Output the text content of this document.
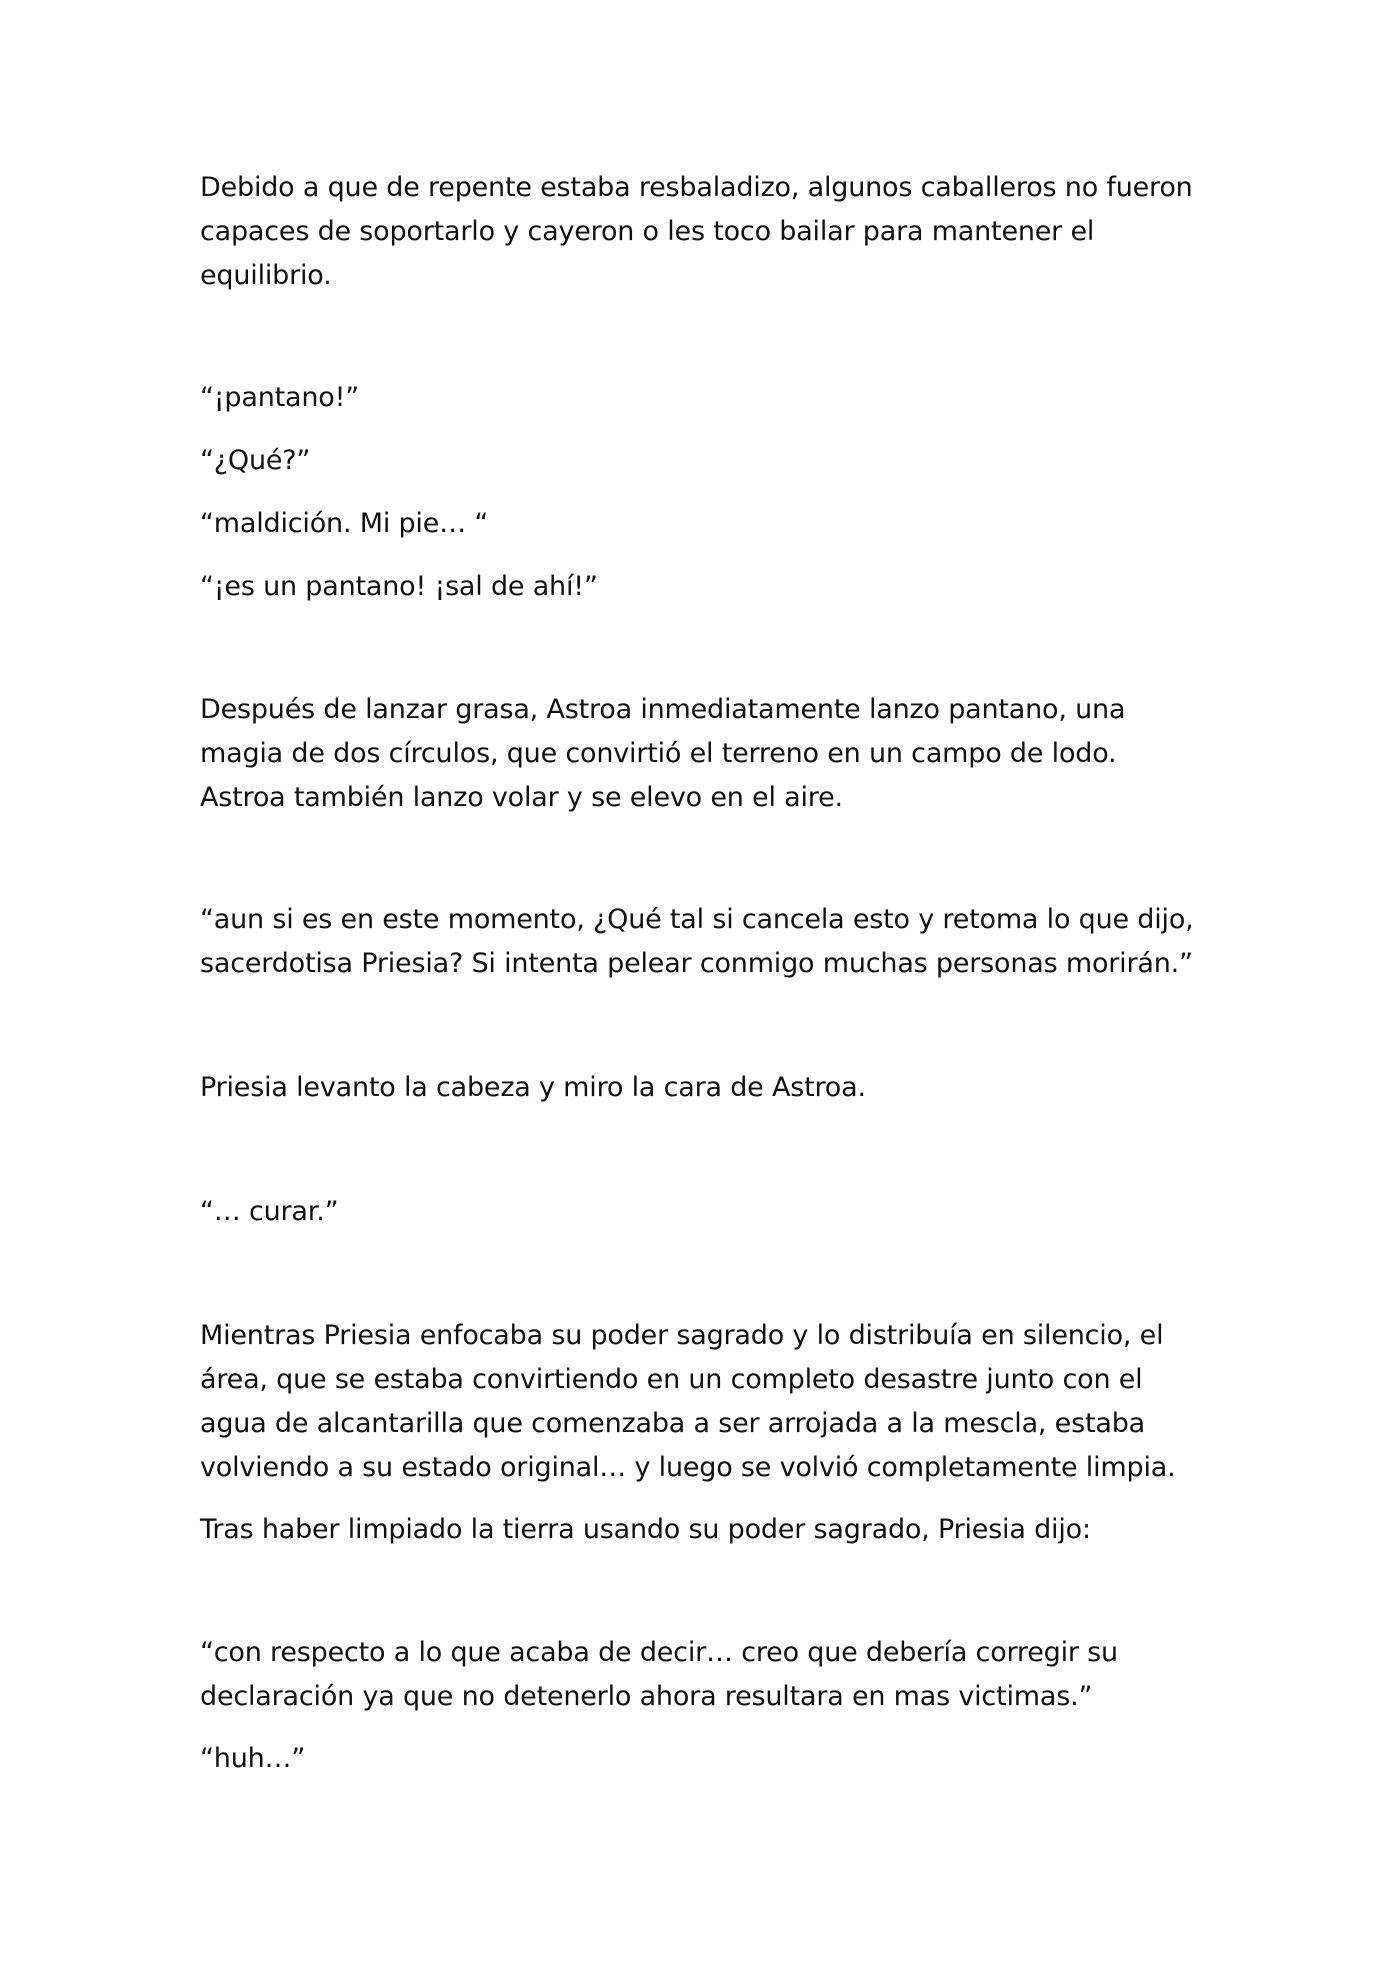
Debido a que de repente estaba resbaladizo, algunos caballeros no fueron capaces de soportarlo y cayeron o les toco bailar para mantener el equilibrio.

“¡pantano!”

“¿Qué?”

“maldición. Mi pie… “

“¡es un pantano! ¡sal de ahí!”

Después de lanzar grasa, Astroa inmediatamente lanzo pantano, una magia de dos círculos, que convirtió el terreno en un campo de lodo. Astroa también lanzo volar y se elevo en el aire.

“aun si es en este momento, ¿Qué tal si cancela esto y retoma lo que dijo, sacerdotisa Priesia? Si intenta pelear conmigo muchas personas morirán.”

Priesia levanto la cabeza y miro la cara de Astroa.

“… curar.”

Mientras Priesia enfocaba su poder sagrado y lo distribuía en silencio, el área, que se estaba convirtiendo en un completo desastre junto con el agua de alcantarilla que comenzaba a ser arrojada a la mescla, estaba volviendo a su estado original… y luego se volvió completamente limpia.

Tras haber limpiado la tierra usando su poder sagrado, Priesia dijo:

“con respecto a lo que acaba de decir… creo que debería corregir su declaración ya que no detenerlo ahora resultara en mas victimas.”

“huh…”
